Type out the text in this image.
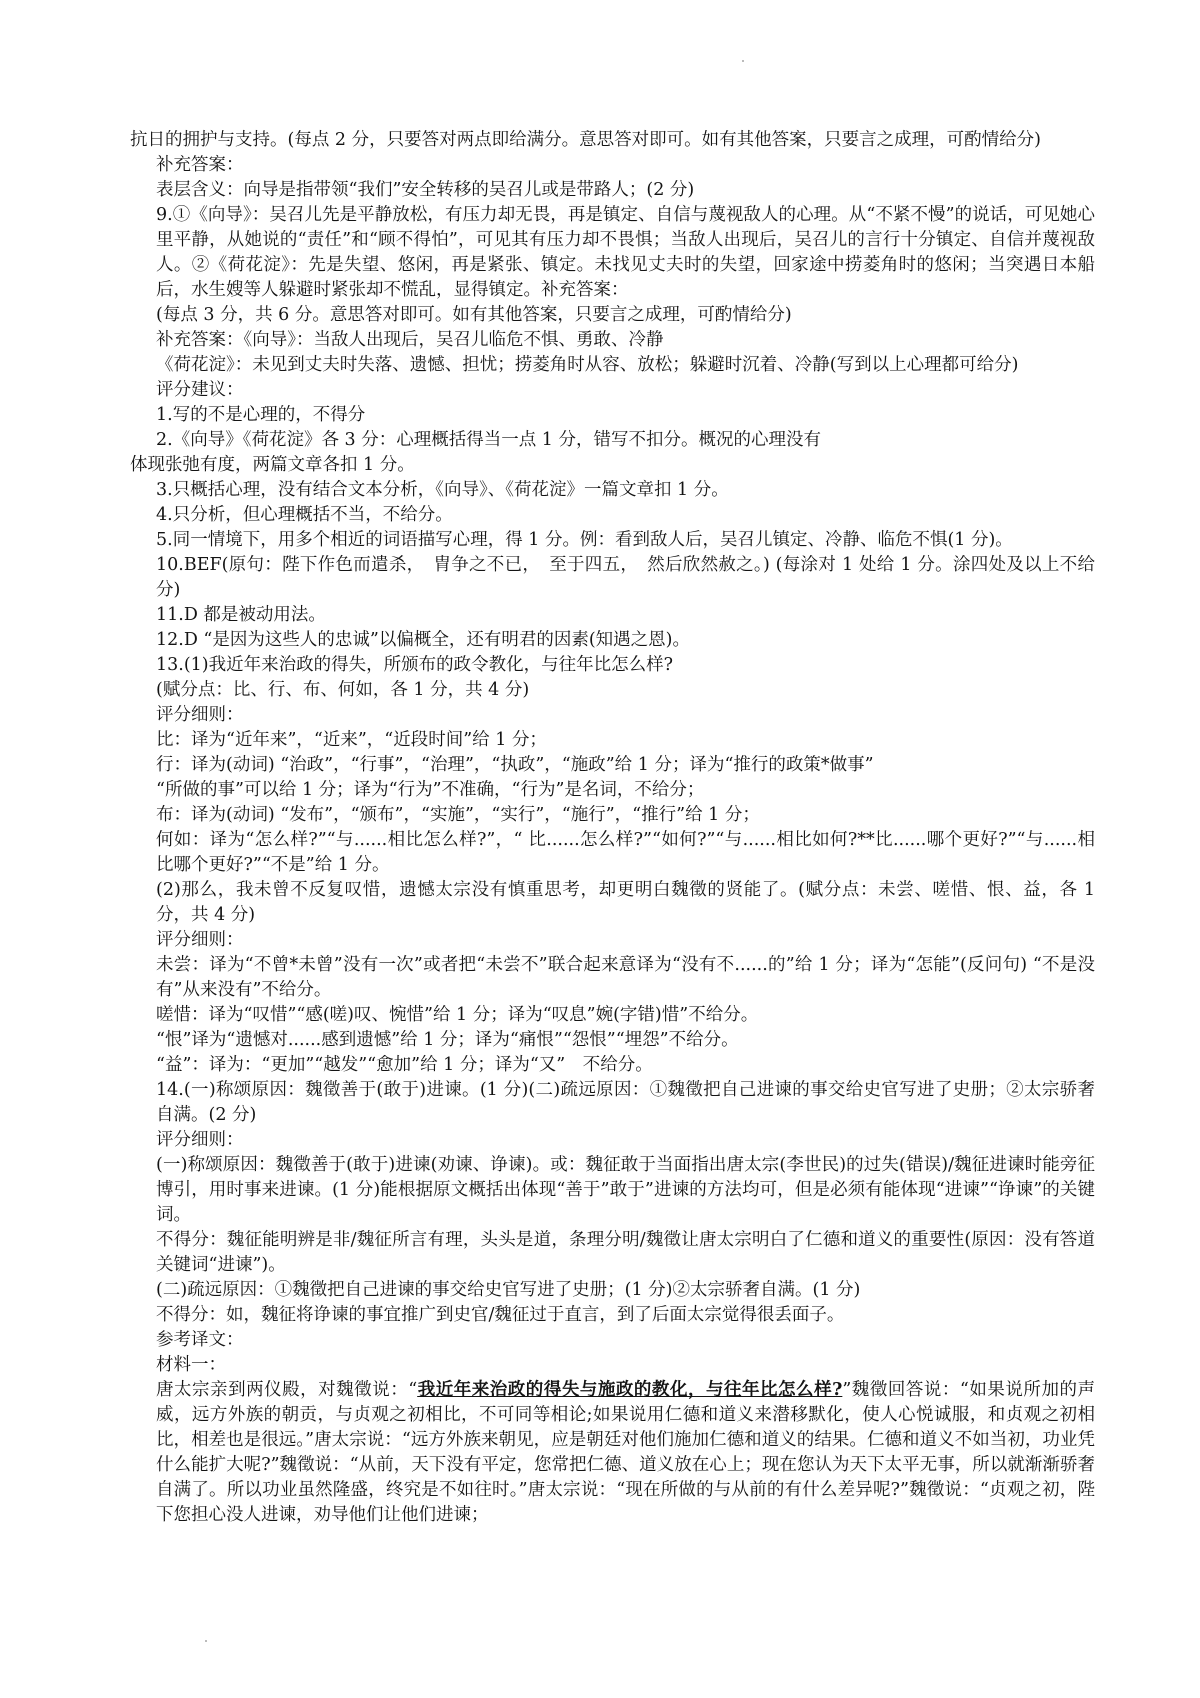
抗日的拥护与支持。(每点 2 分，只要答对两点即给满分。意思答对即可。如有其他答案，只要言之成理，可酌情给分)

补充答案：

表层含义：向导是指带领“我们”安全转移的吴召儿或是带路人；(2 分)

9.①《向导》：吴召儿先是平静放松，有压力却无畏，再是镇定、自信与蔑视敌人的心理。从“不紧不慢”的说话，可见她心里平静，从她说的“责任”和“顾不得怕”，可见其有压力却不畏惧；当敌人出现后，吴召儿的言行十分镇定、自信并蔑视敌人。②《荷花淀》：先是失望、悠闲，再是紧张、镇定。未找见丈夫时的失望，回家途中捞菱角时的悠闲；当突遇日本船后，水生嫂等人躲避时紧张却不慌乱，显得镇定。补充答案：

(每点 3 分，共 6 分。意思答对即可。如有其他答案，只要言之成理，可酌情给分)

补充答案：《向导》：当敌人出现后，吴召儿临危不惧、勇敢、冷静

《荷花淀》：未见到丈夫时失落、遗憾、担忧；捞菱角时从容、放松；躲避时沉着、冷静(写到以上心理都可给分)

评分建议：

1.写的不是心理的，不得分

2.《向导》《荷花淀》各 3 分：心理概括得当一点 1 分，错写不扣分。概况的心理没有

体现张弛有度，两篇文章各扣 1 分。

3.只概括心理，没有结合文本分析，《向导》、《荷花淀》一篇文章扣 1 分。

4.只分析，但心理概括不当，不给分。

5.同一情境下，用多个相近的词语描写心理，得 1 分。例：看到敌人后，吴召儿镇定、冷静、临危不惧(1 分)。

10.BEF(原句：陛下作色而遣杀，　胄争之不已，　至于四五，　然后欣然赦之。) (每涂对 1 处给 1 分。涂四处及以上不给分)

11.D 都是被动用法。

12.D “是因为这些人的忠诚”以偏概全，还有明君的因素(知遇之恩)。

13.(1)我近年来治政的得失，所颁布的政令教化，与往年比怎么样?

(赋分点：比、行、布、何如，各 1 分，共 4 分)

评分细则：

比：译为“近年来”，“近来”，“近段时间”给 1 分；

行：译为(动词) “治政”，“行事”，“治理”，“执政”，“施政”给 1 分；译为“推行的政策*做事”

“所做的事”可以给 1 分；译为“行为”不准确，“行为”是名词，不给分；

布：译为(动词) “发布”，“颁布”，“实施”，“实行”，“施行”，“推行”给 1 分；

何如：译为“怎么样?”“与......相比怎么样?”，“ 比......怎么样?”“如何?”“与......相比如何?**比......哪个更好?”“与......相比哪个更好?”“不是”给 1 分。

(2)那么，我未曾不反复叹惜，遗憾太宗没有慎重思考，却更明白魏徵的贤能了。(赋分点：未尝、嗟惜、恨、益，各 1 分，共 4 分)

评分细则：

未尝：译为“不曾*未曾”没有一次”或者把“未尝不”联合起来意译为“没有不......的”给 1 分；译为“怎能”(反问句) “不是没有”从来没有”不给分。

嗟惜：译为“叹惜”“感(嗟)叹、惋惜”给 1 分；译为“叹息”婉(字错)惜”不给分。

“恨”译为“遗憾对......感到遗憾”给 1 分；译为“痛恨”“怨恨”“埋怨”不给分。

“益”：译为：“更加”“越发”“愈加”给 1 分；译为“又”　不给分。

14.(一)称颂原因：魏徵善于(敢于)进谏。(1 分)(二)疏远原因：①魏徵把自己进谏的事交给史官写进了史册；②太宗骄奢自满。(2 分)

评分细则：

(一)称颂原因：魏徵善于(敢于)进谏(劝谏、诤谏)。或：魏征敢于当面指出唐太宗(李世民)的过失(错误)/魏征进谏时能旁征博引，用时事来进谏。(1 分)能根据原文概括出体现“善于”敢于”进谏的方法均可，但是必须有能体现“进谏”“诤谏”的关键词。

不得分：魏征能明辨是非/魏征所言有理，头头是道，条理分明/魏徵让唐太宗明白了仁德和道义的重要性(原因：没有答道关键词“进谏”)。

(二)疏远原因：①魏徵把自己进谏的事交给史官写进了史册；(1 分)②太宗骄奢自满。(1 分)

不得分：如，魏征将诤谏的事宜推广到史官/魏征过于直言，到了后面太宗觉得很丢面子。

参考译文：

材料一：

唐太宗亲到两仪殿，对魏徵说：“我近年来治政的得失与施政的教化，与往年比怎么样?”魏徵回答说：“如果说所加的声威，远方外族的朝贡，与贞观之初相比，不可同等相论;如果说用仁德和道义来潜移默化，使人心悦诚服，和贞观之初相比，相差也是很远。”唐太宗说：“远方外族来朝见，应是朝廷对他们施加仁德和道义的结果。仁德和道义不如当初，功业凭什么能扩大呢?”魏徵说：“从前，天下没有平定，您常把仁德、道义放在心上；现在您认为天下太平无事，所以就渐渐骄奢自满了。所以功业虽然隆盛，终究是不如往时。”唐太宗说：“现在所做的与从前的有什么差异呢?”魏徵说：“贞观之初，陛下您担心没人进谏，劝导他们让他们进谏；
